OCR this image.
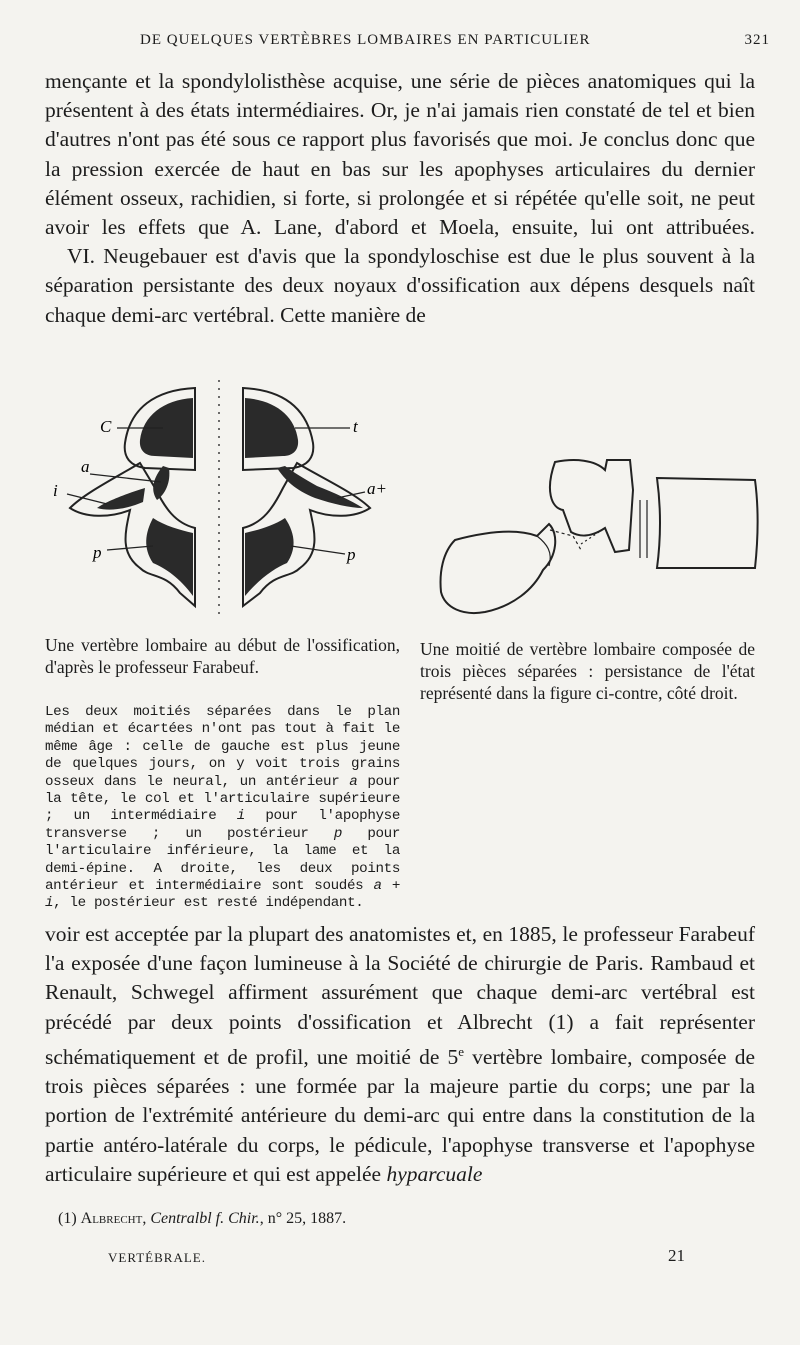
DE QUELQUES VERTÈBRES LOMBAIRES EN PARTICULIER	321

mençante et la spondylolisthèse acquise, une série de pièces anatomiques qui la présentent à des états intermédiaires. Or, je n'ai jamais rien constaté de tel et bien d'autres n'ont pas été sous ce rapport plus favorisés que moi. Je conclus donc que la pression exercée de haut en bas sur les apophyses articulaires du dernier élément osseux, rachidien, si forte, si prolongée et si répétée qu'elle soit, ne peut avoir les effets que A. Lane, d'abord et Moela, ensuite, lui ont attribuées.

VI. Neugebauer est d'avis que la spondyloschise est due le plus souvent à la séparation persistante des deux noyaux d'ossification aux dépens desquels naît chaque demi-arc vertébral. Cette manière de

C	t
a
i	a+
p	p
Une vertèbre lombaire au début de l'ossification, d'après le professeur Farabeuf.
Les deux moitiés séparées dans le plan médian et écartées n'ont pas tout à fait le même âge : celle de gauche est plus jeune de quelques jours, on y voit trois grains osseux dans le neural, un antérieur a pour la tête, le col et l'articulaire supérieure ; un intermédiaire i pour l'apophyse transverse ; un postérieur p pour l'articulaire inférieure, la lame et la demi-épine. A droite, les deux points antérieur et intermédiaire sont soudés a + i, le postérieur est resté indépendant.
Une moitié de vertèbre lombaire composée de trois pièces séparées : persistance de l'état représenté dans la figure ci-contre, côté droit.

voir est acceptée par la plupart des anatomistes et, en 1885, le professeur Farabeuf l'a exposée d'une façon lumineuse à la Société de chirurgie de Paris. Rambaud et Renault, Schwegel affirment assurément que chaque demi-arc vertébral est précédé par deux points d'ossification et Albrecht (1) a fait représenter schématiquement et de profil, une moitié de 5e vertèbre lombaire, composée de trois pièces séparées : une formée par la majeure partie du corps; une par la portion de l'extrémité antérieure du demi-arc qui entre dans la constitution de la partie antéro-latérale du corps, le pédicule, l'apophyse transverse et l'apophyse articulaire supérieure et qui est appelée hyparcuale

(1) Albrecht, Centralbl f. Chir., n° 25, 1887.
VERTÉBRALE.	21
